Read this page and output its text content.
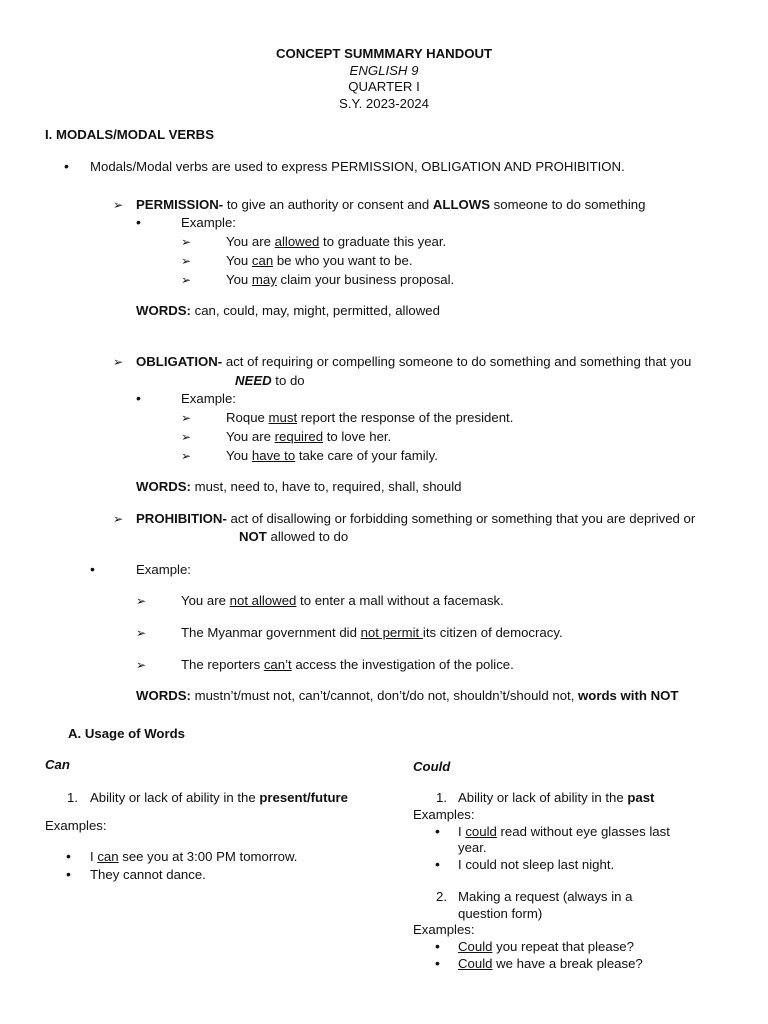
CONCEPT SUMMMARY HANDOUT
ENGLISH 9
QUARTER I
S.Y. 2023-2024
I. MODALS/MODAL VERBS
• Modals/Modal verbs are used to express PERMISSION, OBLIGATION AND PROHIBITION.
➢ PERMISSION- to give an authority or consent and ALLOWS someone to do something
•	Example:
➢	You are allowed to graduate this year.
➢	You can be who you want to be.
➢	You may claim your business proposal.
WORDS: can, could, may, might, permitted, allowed
➢ OBLIGATION- act of requiring or compelling someone to do something and something that you
NEED to do
•	Example:
➢	Roque must report the response of the president.
➢	You are required to love her.
➢	You have to take care of your family.
WORDS: must, need to, have to, required, shall, should
➢ PROHIBITION- act of disallowing or forbidding something or something that you are deprived or
NOT allowed to do
•	Example:
➢	You are not allowed to enter a mall without a facemask.
➢	The Myanmar government did not permit its citizen of democracy.
➢	The reporters can’t access the investigation of the police.
WORDS: mustn’t/must not, can’t/cannot, don’t/do not, shouldn’t/should not, words with NOT
A. Usage of Words
Can
1. Ability or lack of ability in the present/future
Examples:
• I can see you at 3:00 PM tomorrow.
• They cannot dance.
Could
1. Ability or lack of ability in the past
Examples:
• I could read without eye glasses last
year.
• I could not sleep last night.
2. Making a request (always in a
question form)
Examples:
• Could you repeat that please?
• Could we have a break please?
